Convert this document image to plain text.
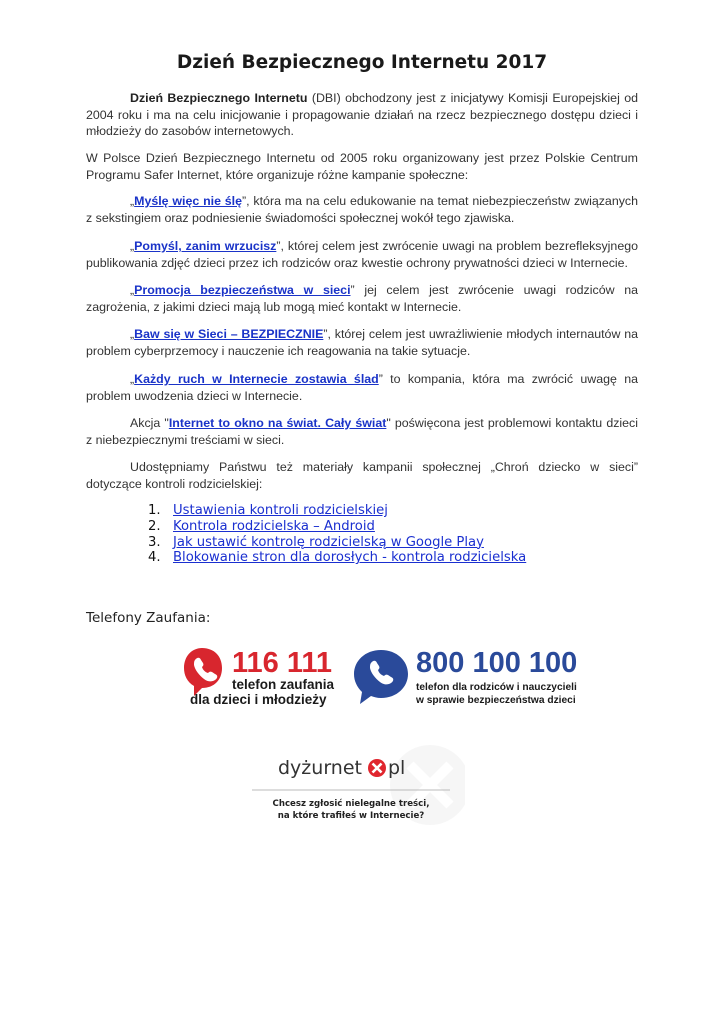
Dzień Bezpiecznego Internetu 2017

Dzień Bezpiecznego Internetu (DBI) obchodzony jest z inicjatywy Komisji Europejskiej od 2004 roku i ma na celu inicjowanie i propagowanie działań na rzecz bezpiecznego dostępu dzieci i młodzieży do zasobów internetowych.

W Polsce Dzień Bezpiecznego Internetu od 2005 roku organizowany jest przez Polskie Centrum Programu Safer Internet, które organizuje różne kampanie społeczne:

„Myślę więc nie ślę”, która ma na celu edukowanie na temat niebezpieczeństw związanych z sekstingiem oraz podniesienie świadomości społecznej wokół tego zjawiska.

„Pomyśl, zanim wrzucisz”, której celem jest zwrócenie uwagi na problem bezrefleksyjnego publikowania zdjęć dzieci przez ich rodziców oraz kwestie ochrony prywatności dzieci w Internecie.

„Promocja bezpieczeństwa w sieci” jej celem jest zwrócenie uwagi rodziców na zagrożenia, z jakimi dzieci mają lub mogą mieć kontakt w Internecie.

„Baw się w Sieci – BEZPIECZNIE”, której celem jest uwrażliwienie młodych internautów na problem cyberprzemocy i nauczenie ich reagowania na takie sytuacje.

„Każdy ruch w Internecie zostawia ślad” to kompania, która ma zwrócić uwagę na problem uwodzenia dzieci w Internecie.

Akcja "Internet to okno na świat. Cały świat" poświęcona jest problemowi kontaktu dzieci z niebezpiecznymi treściami w sieci.

Udostępniamy Państwu też materiały kampanii społecznej „Chroń dziecko w sieci” dotyczące kontroli rodzicielskiej:

1. Ustawienia kontroli rodzicielskiej
2. Kontrola rodzicielska – Android
3. Jak ustawić kontrolę rodzicielską w Google Play
4. Blokowanie stron dla dorosłych - kontrola rodzicielska
Telefony Zaufania:
116 111
telefon zaufania
dla dzieci i młodzieży
800 100 100
telefon dla rodziców i nauczycieli
w sprawie bezpieczeństwa dzieci
dyżurnet pl
Chcesz zgłosić nielegalne treści,
na które trafiłeś w Internecie?
